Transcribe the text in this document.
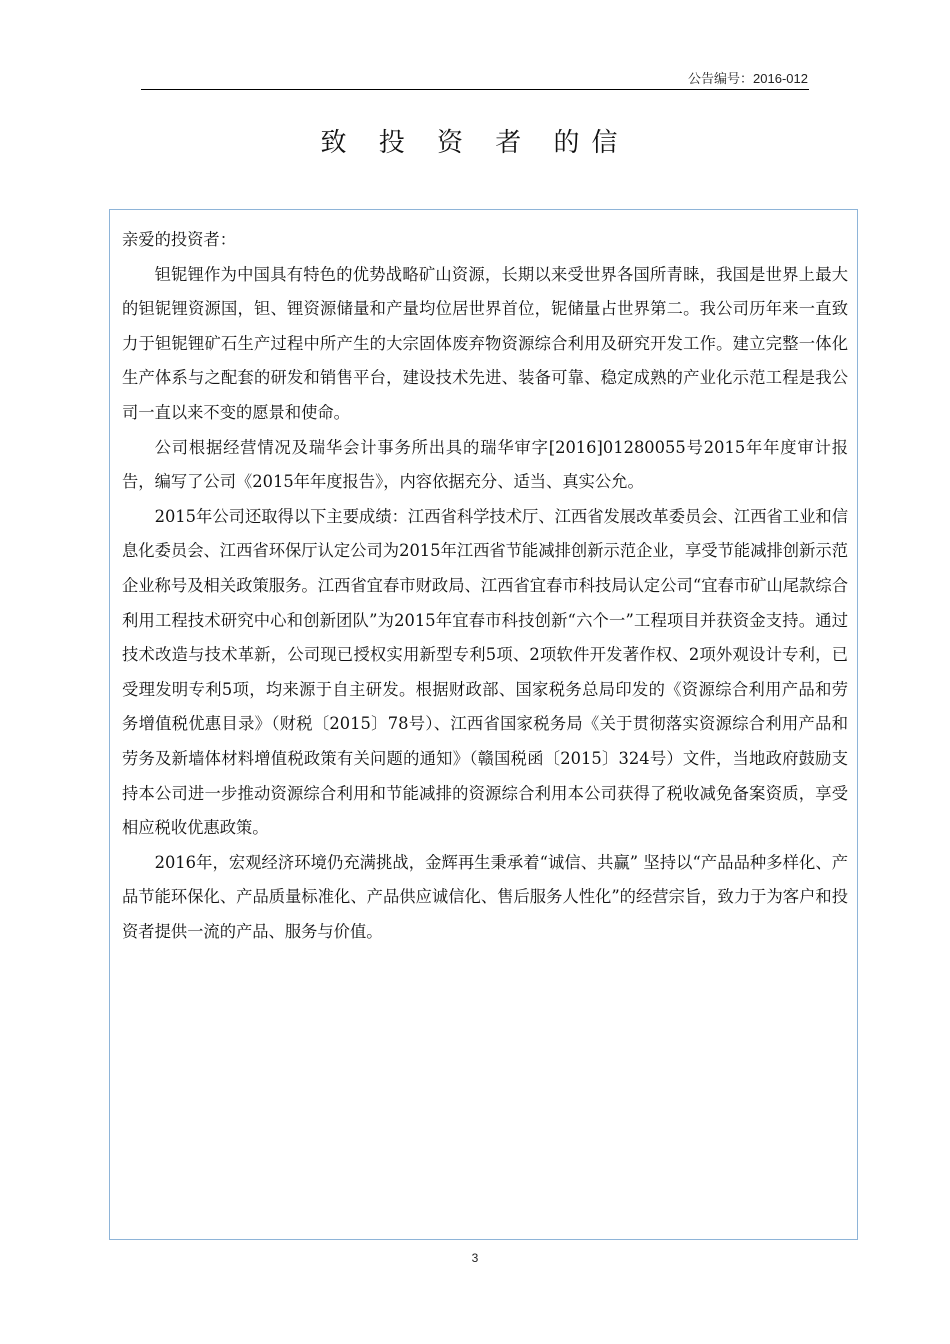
公告编号：2016-012
致 投 资 者 的信

亲爱的投资者：

钽铌锂作为中国具有特色的优势战略矿山资源，长期以来受世界各国所青睐，我国是世界上最大的钽铌锂资源国，钽、锂资源储量和产量均位居世界首位，铌储量占世界第二。我公司历年来一直致力于钽铌锂矿石生产过程中所产生的大宗固体废弃物资源综合利用及研究开发工作。建立完整一体化生产体系与之配套的研发和销售平台，建设技术先进、装备可靠、稳定成熟的产业化示范工程是我公司一直以来不变的愿景和使命。

公司根据经营情况及瑞华会计事务所出具的瑞华审字[2016]01280055号2015年年度审计报告，编写了公司《2015年年度报告》，内容依据充分、适当、真实公允。

2015年公司还取得以下主要成绩：江西省科学技术厅、江西省发展改革委员会、江西省工业和信息化委员会、江西省环保厅认定公司为2015年江西省节能减排创新示范企业，享受节能减排创新示范企业称号及相关政策服务。江西省宜春市财政局、江西省宜春市科技局认定公司“宜春市矿山尾款综合利用工程技术研究中心和创新团队”为2015年宜春市科技创新“六个一”工程项目并获资金支持。通过技术改造与技术革新，公司现已授权实用新型专利5项、2项软件开发著作权、2项外观设计专利，已受理发明专利5项，均来源于自主研发。根据财政部、国家税务总局印发的《资源综合利用产品和劳务增值税优惠目录》（财税〔2015〕78号）、江西省国家税务局《关于贯彻落实资源综合利用产品和劳务及新墙体材料增值税政策有关问题的通知》（赣国税函〔2015〕324号）文件，当地政府鼓励支持本公司进一步推动资源综合利用和节能减排的资源综合利用本公司获得了税收减免备案资质，享受相应税收优惠政策。

2016年，宏观经济环境仍充满挑战，金辉再生秉承着“诚信、共赢” 坚持以“产品品种多样化、产品节能环保化、产品质量标准化、产品供应诚信化、售后服务人性化”的经营宗旨，致力于为客户和投资者提供一流的产品、服务与价值。

3
